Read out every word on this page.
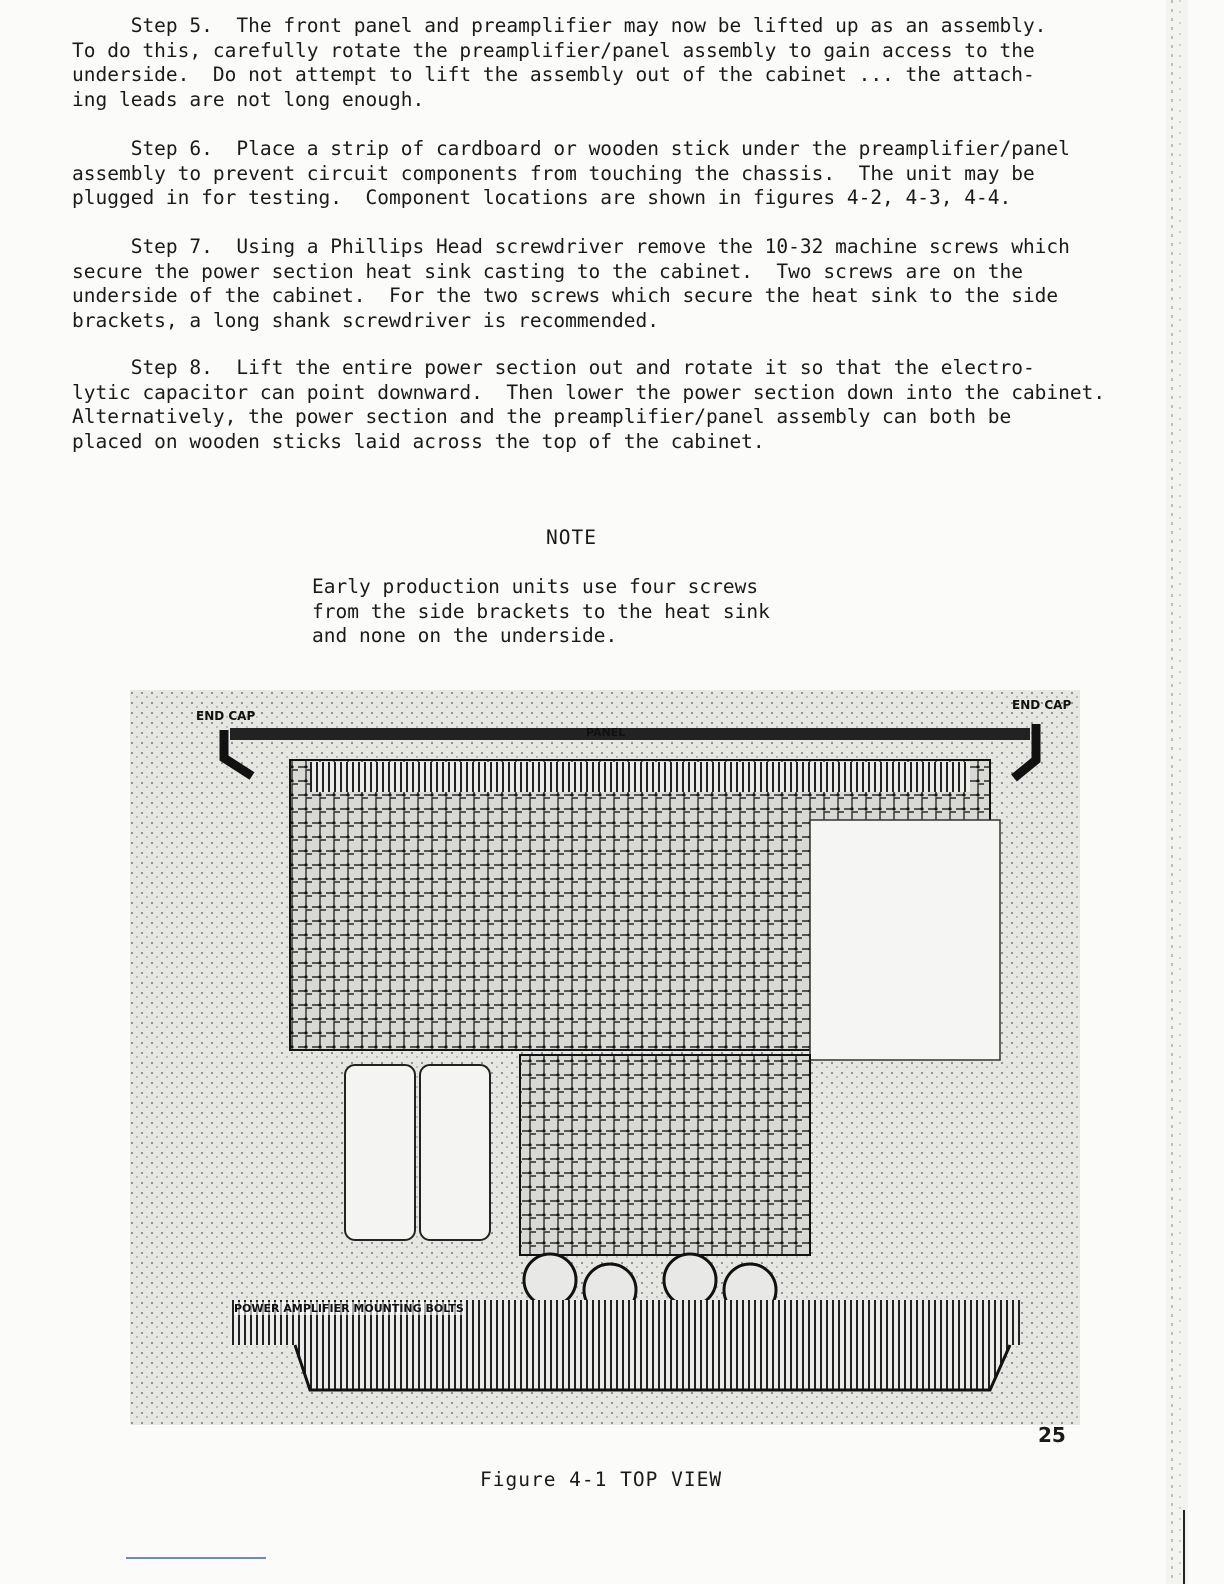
Step 5.  The front panel and preamplifier may now be lifted up as an assembly.
To do this, carefully rotate the preamplifier/panel assembly to gain access to the
underside.  Do not attempt to lift the assembly out of the cabinet ... the attach-
ing leads are not long enough.

Step 6.  Place a strip of cardboard or wooden stick under the preamplifier/panel
assembly to prevent circuit components from touching the chassis.  The unit may be
plugged in for testing.  Component locations are shown in figures 4-2, 4-3, 4-4.

Step 7.  Using a Phillips Head screwdriver remove the 10-32 machine screws which
secure the power section heat sink casting to the cabinet.  Two screws are on the
underside of the cabinet.  For the two screws which secure the heat sink to the side
brackets, a long shank screwdriver is recommended.

Step 8.  Lift the entire power section out and rotate it so that the electro-
lytic capacitor can point downward.  Then lower the power section down into the cabinet.
Alternatively, the power section and the preamplifier/panel assembly can both be
placed on wooden sticks laid across the top of the cabinet.

NOTE

Early production units use four screws
from the side brackets to the heat sink
and none on the underside.

END CAP
END CAP
PANEL
POWER AMPLIFIER MOUNTING BOLTS
25
Figure 4-1 TOP VIEW
